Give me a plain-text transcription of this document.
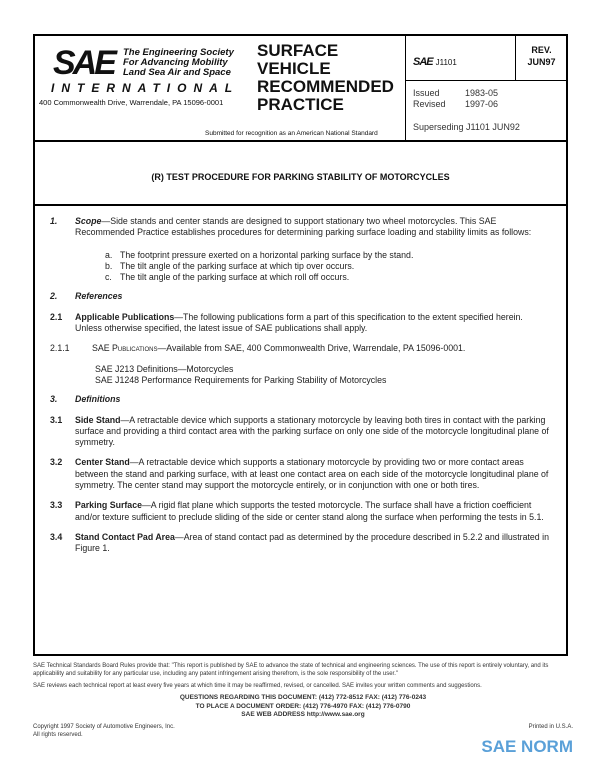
SAE The Engineering Society
For Advancing Mobility
Land Sea Air and Space
INTERNATIONAL
400 Commonwealth Drive, Warrendale, PA 15096-0001
SURFACE
VEHICLE
RECOMMENDED
PRACTICE
Submitted for recognition as an American National Standard
SAE J1101
REV.
JUN97
Issued	1983-05
Revised 1997-06
Superseding J1101 JUN92
(R) TEST PROCEDURE FOR PARKING STABILITY OF MOTORCYCLES
1. Scope—Side stands and center stands are designed to support stationary two wheel motorcycles. This SAE Recommended Practice establishes procedures for determining parking surface loading and stability limits as follows:
a. The footprint pressure exerted on a horizontal parking surface by the stand.
b. The tilt angle of the parking surface at which tip over occurs.
c. The tilt angle of the parking surface at which roll off occurs.
2. References
2.1 Applicable Publications—The following publications form a part of this specification to the extent specified herein. Unless otherwise specified, the latest issue of SAE publications shall apply.
2.1.1	SAE Publications—Available from SAE, 400 Commonwealth Drive, Warrendale, PA 15096-0001.
SAE J213 Definitions—Motorcycles
SAE J1248 Performance Requirements for Parking Stability of Motorcycles
3. Definitions
3.1 Side Stand—A retractable device which supports a stationary motorcycle by leaving both tires in contact with the parking surface and providing a third contact area with the parking surface on only one side of the motorcycle longitudinal plane of symmetry.
3.2 Center Stand—A retractable device which supports a stationary motorcycle by providing two or more contact areas between the stand and parking surface, with at least one contact area on each side of the motorcycle longitudinal plane of symmetry. The center stand may support the motorcycle entirely, or in conjunction with one or both tires.
3.3 Parking Surface—A rigid flat plane which supports the tested motorcycle. The surface shall have a friction coefficient and/or texture sufficient to preclude sliding of the side or center stand along the surface when performing the tests in 5.1.
3.4 Stand Contact Pad Area—Area of stand contact pad as determined by the procedure described in 5.2.2 and illustrated in Figure 1.
SAE Technical Standards Board Rules provide that: "This report is published by SAE to advance the state of technical and engineering sciences. The use of this report is entirely voluntary, and its applicability and suitability for any particular use, including any patent infringement arising therefrom, is the sole responsibility of the user."
SAE reviews each technical report at least every five years at which time it may be reaffirmed, revised, or cancelled. SAE invites your written comments and suggestions.
QUESTIONS REGARDING THIS DOCUMENT: (412) 772-8512 FAX: (412) 776-0243
TO PLACE A DOCUMENT ORDER: (412) 776-4970 FAX: (412) 776-0790
SAE WEB ADDRESS http://www.sae.org
Copyright 1997 Society of Automotive Engineers, Inc.
All rights reserved.
Printed in U.S.A.
SAE NORM
